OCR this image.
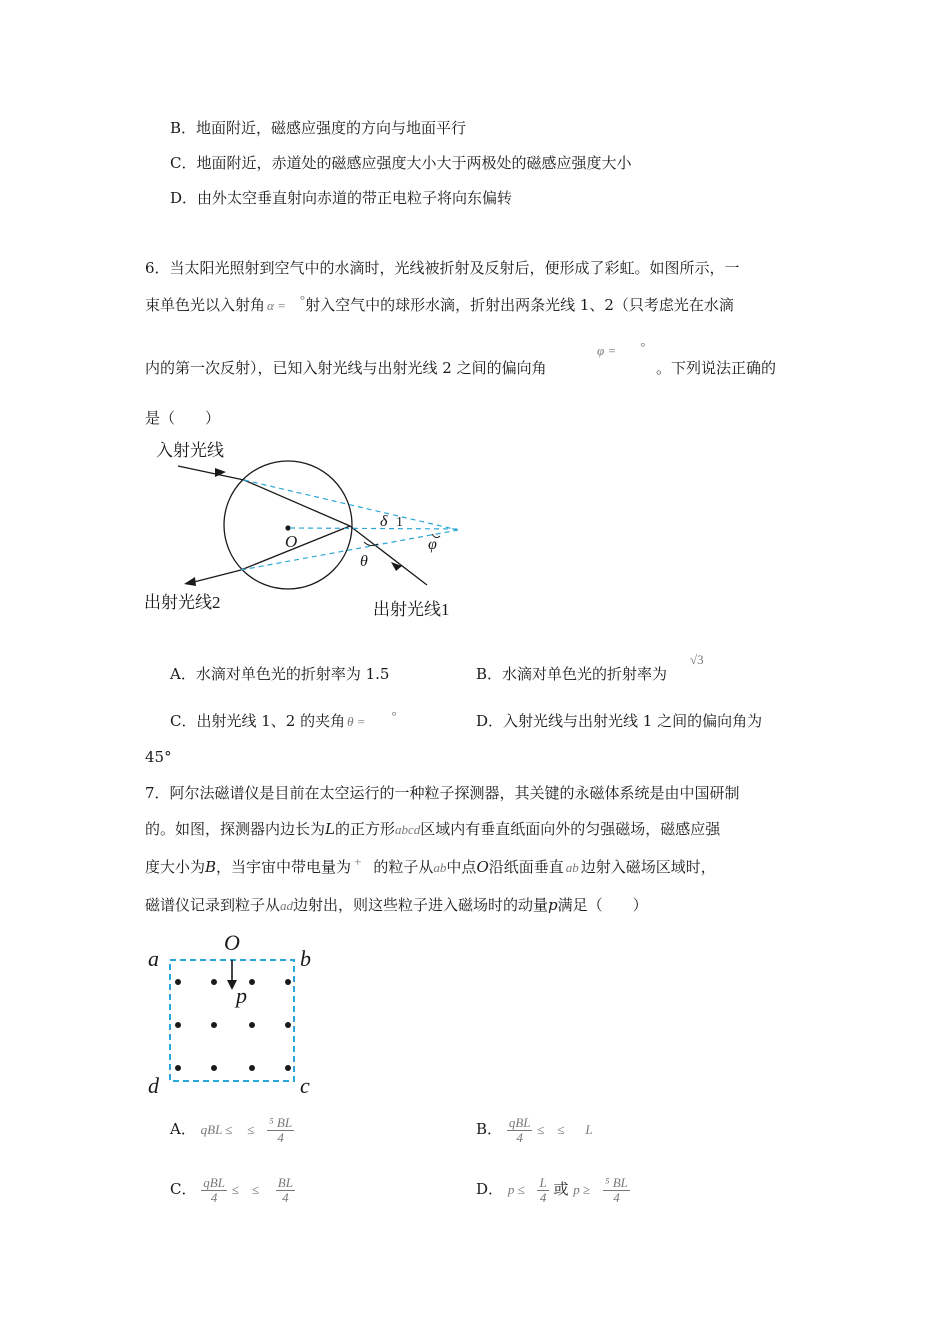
B．地面附近，磁感应强度的方向与地面平行
C．地面附近，赤道处的磁感应强度大小大于两极处的磁感应强度大小
D．由外太空垂直射向赤道的带正电粒子将向东偏转
6．当太阳光照射到空气中的水滴时，光线被折射及反射后，便形成了彩虹。如图所示，一
束单色光以入射角 α = °射入空气中的球形水滴，折射出两条光线 1、2（只考虑光在水滴
φ = °
内的第一次反射），已知入射光线与出射光线 2 之间的偏向角	。下列说法正确的
是（　　）
入射光线
O
δ 1
φ
θ
出射光线2	出射光线1
A．水滴对单色光的折射率为 1.5	B．水滴对单色光的折射率为
√3
C．出射光线 1、2 的夹角 θ = °	D．入射光线与出射光线 1 之间的偏向角为
45°
7．阿尔法磁谱仪是目前在太空运行的一种粒子探测器，其关键的永磁体系统是由中国研制
的。如图，探测器内边长为L的正方形abcd区域内有垂直纸面向外的匀强磁场，磁感应强
度大小为B，当宇宙中带电量为 + 的粒子从ab中点O沿纸面垂直 ab 边射入磁场区域时，
磁谱仪记录到粒子从ad边射出，则这些粒子进入磁场时的动量p满足（　　）
a	b
d	c
O
p
A． qBL ≤ ≤ $\frac{\text{⁵ BL}}{4}$	B． $\frac{\text{qBL}}{4}$ ≤　≤ L
C． $\frac{\text{qBL}}{4}$ ≤　≤ $\frac{BL}{4}$	D． $p \le \frac{L}{4}$ 或 $p \ge \frac{\text{⁵ BL}}{4}$
